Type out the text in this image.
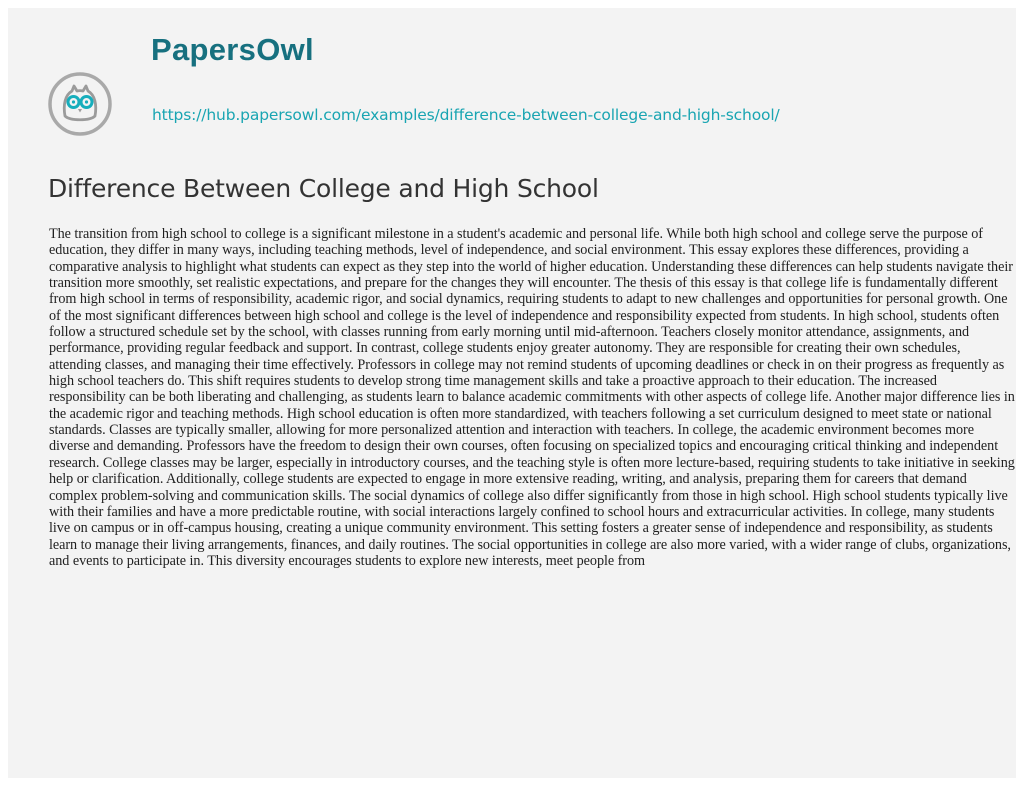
PapersOwl
https://hub.papersowl.com/examples/difference-between-college-and-high-school/
Difference Between College and High School

The transition from high school to college is a significant milestone in a student's academic and personal life. While both high school and college serve the purpose of education, they differ in many ways, including teaching methods, level of independence, and social environment. This essay explores these differences, providing a comparative analysis to highlight what students can expect as they step into the world of higher education. Understanding these differences can help students navigate their transition more smoothly, set realistic expectations, and prepare for the changes they will encounter. The thesis of this essay is that college life is fundamentally different from high school in terms of responsibility, academic rigor, and social dynamics, requiring students to adapt to new challenges and opportunities for personal growth. One of the most significant differences between high school and college is the level of independence and responsibility expected from students. In high school, students often follow a structured schedule set by the school, with classes running from early morning until mid-afternoon. Teachers closely monitor attendance, assignments, and performance, providing regular feedback and support. In contrast, college students enjoy greater autonomy. They are responsible for creating their own schedules, attending classes, and managing their time effectively. Professors in college may not remind students of upcoming deadlines or check in on their progress as frequently as high school teachers do. This shift requires students to develop strong time management skills and take a proactive approach to their education. The increased responsibility can be both liberating and challenging, as students learn to balance academic commitments with other aspects of college life. Another major difference lies in the academic rigor and teaching methods. High school education is often more standardized, with teachers following a set curriculum designed to meet state or national standards. Classes are typically smaller, allowing for more personalized attention and interaction with teachers. In college, the academic environment becomes more diverse and demanding. Professors have the freedom to design their own courses, often focusing on specialized topics and encouraging critical thinking and independent research. College classes may be larger, especially in introductory courses, and the teaching style is often more lecture-based, requiring students to take initiative in seeking help or clarification. Additionally, college students are expected to engage in more extensive reading, writing, and analysis, preparing them for careers that demand complex problem-solving and communication skills. The social dynamics of college also differ significantly from those in high school. High school students typically live with their families and have a more predictable routine, with social interactions largely confined to school hours and extracurricular activities. In college, many students live on campus or in off-campus housing, creating a unique community environment. This setting fosters a greater sense of independence and responsibility, as students learn to manage their living arrangements, finances, and daily routines. The social opportunities in college are also more varied, with a wider range of clubs, organizations, and events to participate in. This diversity encourages students to explore new interests, meet people from
